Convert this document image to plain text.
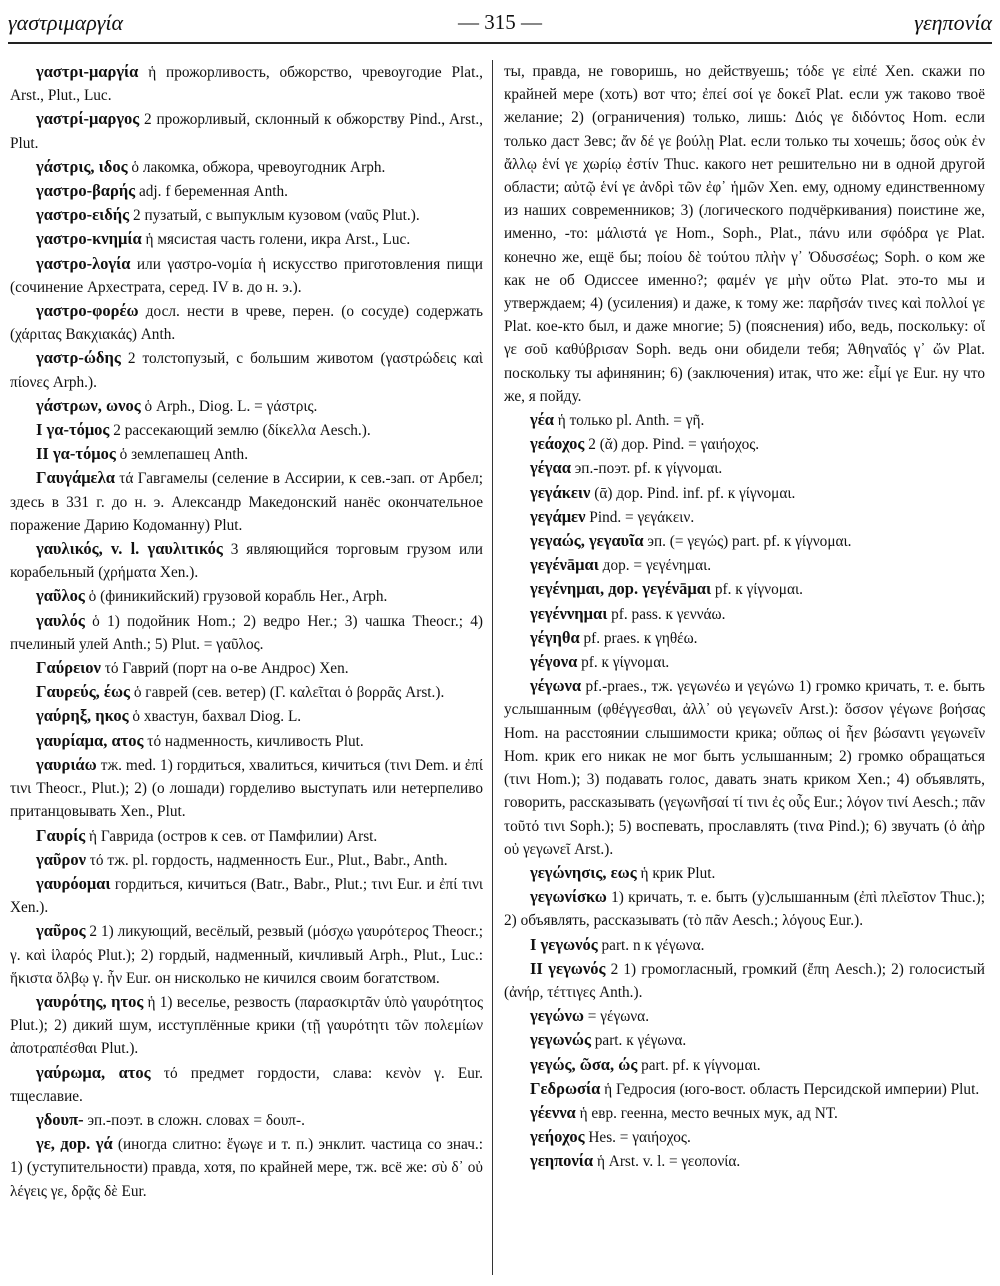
γαστριμαργία	— 315 —	γεηπονία

γαστρι-μαργία ἡ прожорливость, обжорство, чревоугодие Plat., Arst., Plut., Luc.

γαστρί-μαργος 2 прожорливый, склонный к обжорству Pind., Arst., Plut.

γάστρις, ιδος ὁ лакомка, обжора, чревоугодник Arph.

γαστρο-βαρής adj. f беременная Anth.

γαστρο-ειδής 2 пузатый, с выпуклым кузовом (ναῦς Plut.).

γαστρο-κνημία ἡ мясистая часть голени, икра Arst., Luc.

γαστρο-λογία или γαστρο-νομία ἡ искусство приготовления пищи (сочинение Архестрата, серед. IV в. до н. э.).

γαστρο-φορέω досл. нести в чреве, перен. (о сосуде) содержать (χάριτας Βακχιακάς) Anth.

γαστρ-ώδης 2 толстопузый, с большим животом (γαστρώδεις καὶ πίονες Arph.).

γάστρων, ωνος ὁ Arph., Diog. L. = γάστρις.

I γα-τόμος 2 рассекающий землю (δίκελλα Aesch.).

II γα-τόμος ὁ землепашец Anth.

Γαυγάμελα τά Гавгамелы (селение в Ассирии, к сев.-зап. от Арбел; здесь в 331 г. до н. э. Александр Македонский нанёс окончательное поражение Дарию Кодоманну) Plut.

γαυλικός, v. l. γαυλιτικός 3 являющийся торговым грузом или корабельный (χρήματα Xen.).

γαῦλος ὁ (финикийский) грузовой корабль Her., Arph.

γαυλός ὁ 1) подойник Hom.; 2) ведро Her.; 3) чашка Theocr.; 4) пчелиный улей Anth.; 5) Plut. = γαῦλος.

Γαύρειον τό Гаврий (порт на о-ве Андрос) Xen.

Γαυρεύς, έως ὁ гаврей (сев. ветер) (Γ. καλεῖται ὁ βορρᾶς Arst.).

γαύρηξ, ηκος ὁ хвастун, бахвал Diog. L.

γαυρίαμα, ατος τό надменность, кичливость Plut.

γαυριάω тж. med. 1) гордиться, хвалиться, кичиться (τινι Dem. и ἐπί τινι Theocr., Plut.); 2) (о лошади) горделиво выступать или нетерпеливо пританцовывать Xen., Plut.

Γαυρίς ἡ Гаврида (остров к сев. от Памфилии) Arst.

γαῦρον τό тж. pl. гордость, надменность Eur., Plut., Babr., Anth.

γαυρόομαι гордиться, кичиться (Batr., Babr., Plut.; τινι Eur. и ἐπί τινι Xen.).

γαῦρος 2 1) ликующий, весёлый, резвый (μόσχω γαυρότερος Theocr.; γ. καὶ ἱλαρός Plut.); 2) гордый, надменный, кичливый Arph., Plut., Luc.: ἥκιστα ὄλβῳ γ. ἦν Eur. он нисколько не кичился своим богатством.

γαυρότης, ητος ἡ 1) веселье, резвость (παρασκιρτᾶν ὑπὸ γαυρότητος Plut.); 2) дикий шум, исступлённые крики (τῇ γαυρότητι τῶν πολεμίων ἀποτραπέσθαι Plut.).

γαύρωμα, ατος τό предмет гордости, слава: κενὸν γ. Eur. тщеславие.

γδουπ- эп.-поэт. в сложн. словах = δουπ-.

γε, дор. γά (иногда слитно: ἔγωγε и т. п.) энклит. частица со знач.: 1) (уступительности) правда, хотя, по крайней мере, тж. всё же: σὺ δ᾽ οὐ λέγεις γε, δρᾷς δὲ Eur.

ты, правда, не говоришь, но действуешь; τόδε γε εἰπέ Xen. скажи по крайней мере (хоть) вот что; ἐπεί σοί γε δοκεῖ Plat. если уж таково твоё желание; 2) (ограничения) только, лишь: Διός γε διδόντος Hom. если только даст Зевс; ἄν δέ γε βούλῃ Plat. если только ты хочешь; ὅσος οὐκ ἐν ἄλλῳ ἑνί γε χωρίῳ ἐστίν Thuc. какого нет решительно ни в одной другой области; αὐτῷ ἑνί γε ἀνδρὶ τῶν ἐφ᾽ ἡμῶν Xen. ему, одному единственному из наших современников; 3) (логического подчёркивания) поистине же, именно, -то: μάλιστά γε Hom., Soph., Plat., πάνυ или σφόδρα γε Plat. конечно же, ещё бы; ποίου δὲ τούτου πλὴν γ᾽ Ὀδυσσέως; Soph. о ком же как не об Одиссее именно?; φαμέν γε μὴν οὕτω Plat. это-то мы и утверждаем; 4) (усиления) и даже, к тому же: παρῆσάν τινες καὶ πολλοί γε Plat. кое-кто был, и даже многие; 5) (пояснения) ибо, ведь, поскольку: οἵ γε σοῦ καθύβρισαν Soph. ведь они обидели тебя; Ἀθηναῖός γ᾽ ὤν Plat. поскольку ты афинянин; 6) (заключения) итак, что же: εἶμί γε Eur. ну что же, я пойду.

γέα ἡ только pl. Anth. = γῆ.

γεάοχος 2 (ᾰ) дор. Pind. = γαιήοχος.

γέγαα эп.-поэт. pf. к γίγνομαι.

γεγάκειν (ᾱ) дор. Pind. inf. pf. к γίγνομαι.

γεγάμεν Pind. = γεγάκειν.

γεγαώς, γεγαυῖα эп. (= γεγώς) part. pf. к γίγνομαι.

γεγένāμαι дор. = γεγένημαι.

γεγένημαι, дор. γεγένāμαι pf. к γίγνομαι.

γεγέννημαι pf. pass. к γεννάω.

γέγηθα pf. praes. к γηθέω.

γέγονα pf. к γίγνομαι.

γέγωνα pf.-praes., тж. γεγωνέω и γεγώνω 1) громко кричать, т. е. быть услышанным (φθέγγεσθαι, ἀλλ᾽ οὐ γεγωνεῖν Arst.): ὅσσον γέγωνε βοήσας Hom. на расстоянии слышимости крика; οὔπως οἱ ἦεν βώσαντι γεγωνεῖν Hom. крик его никак не мог быть услышанным; 2) громко обращаться (τινι Hom.); 3) подавать голос, давать знать криком Xen.; 4) объявлять, говорить, рассказывать (γεγωνῆσαί τί τινι ἐς οὖς Eur.; λόγον τινί Aesch.; πᾶν τοῦτό τινι Soph.); 5) воспевать, прославлять (τινα Pind.); 6) звучать (ὁ ἀὴρ οὐ γεγωνεῖ Arst.).

γεγώνησις, εως ἡ крик Plut.

γεγωνίσκω 1) кричать, т. е. быть (у)слышанным (ἐπὶ πλεῖστον Thuc.); 2) объявлять, рассказывать (τὸ πᾶν Aesch.; λόγους Eur.).

I γεγωνός part. n к γέγωνα.

II γεγωνός 2 1) громогласный, громкий (ἔπη Aesch.); 2) голосистый (ἀνήρ, τέττιγες Anth.).

γεγώνω = γέγωνα.

γεγωνώς part. к γέγωνα.

γεγώς, ῶσα, ώς part. pf. к γίγνομαι.

Γεδρωσία ἡ Гедросия (юго-вост. область Персидской империи) Plut.

γέεννα ἡ евр. геенна, место вечных мук, ад NT.

γεήοχος Hes. = γαιήοχος.

γεηπονία ἡ Arst. v. l. = γεοπονία.
